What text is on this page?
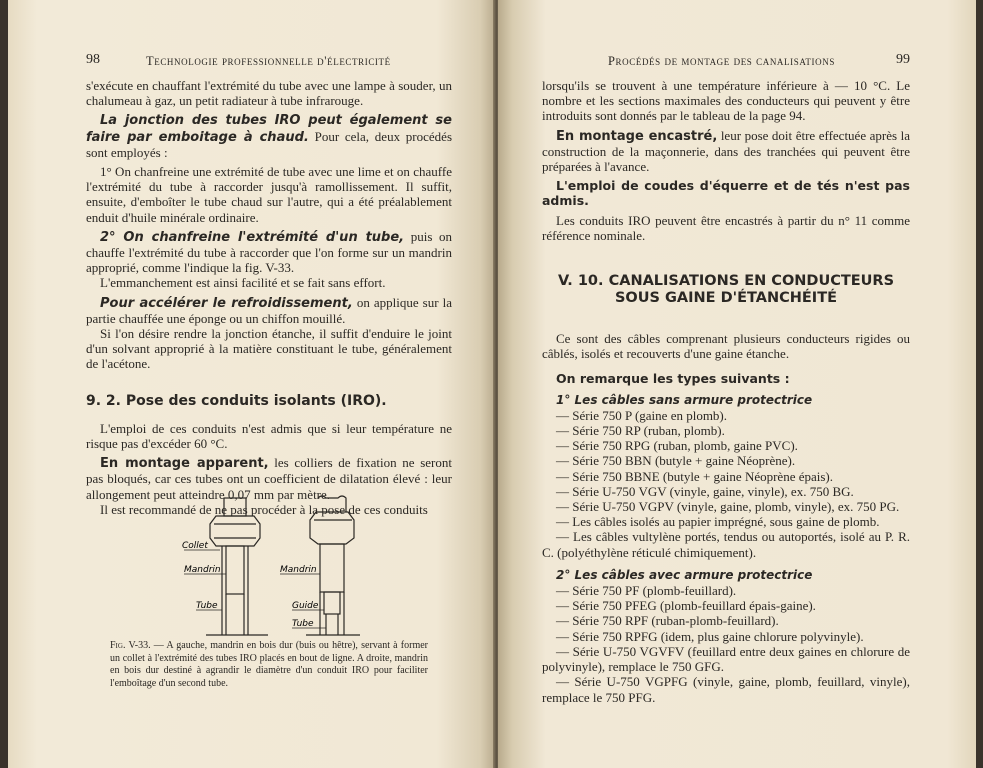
98	Technologie professionnelle d'électricité

s'exécute en chauffant l'extrémité du tube avec une lampe à souder, un chalumeau à gaz, un petit radiateur à tube infrarouge.

La jonction des tubes IRO peut également se faire par emboitage à chaud. Pour cela, deux procédés sont employés :

1° On chanfreine une extrémité de tube avec une lime et on chauffe l'extrémité du tube à raccorder jusqu'à ramollissement. Il suffit, ensuite, d'emboîter le tube chaud sur l'autre, qui a été préalablement enduit d'huile minérale ordinaire.

2° On chanfreine l'extrémité d'un tube, puis on chauffe l'extrémité du tube à raccorder que l'on forme sur un mandrin approprié, comme l'indique la fig. V-33.

L'emmanchement est ainsi facilité et se fait sans effort.

Pour accélérer le refroidissement, on applique sur la partie chauffée une éponge ou un chiffon mouillé.

Si l'on désire rendre la jonction étanche, il suffit d'enduire le joint d'un solvant approprié à la matière constituant le tube, généralement de l'acétone.

9. 2. Pose des conduits isolants (IRO).

L'emploi de ces conduits n'est admis que si leur température ne risque pas d'excéder 60 °C.

En montage apparent, les colliers de fixation ne seront pas bloqués, car ces tubes ont un coefficient de dilatation élevé : leur allongement peut atteindre 0,07 mm par mètre.

Il est recommandé de ne pas procéder à la pose de ces conduits

Collet
Mandrin
Tube
Mandrin
Guide
Tube
Fig. V-33. — A gauche, mandrin en bois dur (buis ou hêtre), servant à former un collet à l'extrémité des tubes IRO placés en bout de ligne. A droite, mandrin en bois dur destiné à agrandir le diamètre d'un conduit IRO pour faciliter l'emboîtage d'un second tube.
Procédés de montage des canalisations	99

lorsqu'ils se trouvent à une température inférieure à — 10 °C. Le nombre et les sections maximales des conducteurs qui peuvent y être introduits sont donnés par le tableau de la page 94.

En montage encastré, leur pose doit être effectuée après la construction de la maçonnerie, dans des tranchées qui peuvent être préparées à l'avance.

L'emploi de coudes d'équerre et de tés n'est pas admis.

Les conduits IRO peuvent être encastrés à partir du n° 11 comme référence nominale.

V. 10. CANALISATIONS EN CONDUCTEURS
SOUS GAINE D'ÉTANCHÉITÉ

Ce sont des câbles comprenant plusieurs conducteurs rigides ou câblés, isolés et recouverts d'une gaine étanche.

On remarque les types suivants :

1° Les câbles sans armure protectrice

— Série 750 P (gaine en plomb).

— Série 750 RP (ruban, plomb).

— Série 750 RPG (ruban, plomb, gaine PVC).

— Série 750 BBN (butyle + gaine Néoprène).

— Série 750 BBNE (butyle + gaine Néoprène épais).

— Série U-750 VGV (vinyle, gaine, vinyle), ex. 750 BG.

— Série U-750 VGPV (vinyle, gaine, plomb, vinyle), ex. 750 PG.

— Les câbles isolés au papier imprégné, sous gaine de plomb.

— Les câbles vultylène portés, tendus ou autoportés, isolé au P. R. C. (polyéthylène réticulé chimiquement).

2° Les câbles avec armure protectrice

— Série 750 PF (plomb-feuillard).

— Série 750 PFEG (plomb-feuillard épais-gaine).

— Série 750 RPF (ruban-plomb-feuillard).

— Série 750 RPFG (idem, plus gaine chlorure polyvinyle).

— Série U-750 VGVFV (feuillard entre deux gaines en chlorure de polyvinyle), remplace le 750 GFG.

— Série U-750 VGPFG (vinyle, gaine, plomb, feuillard, vinyle), remplace le 750 PFG.
